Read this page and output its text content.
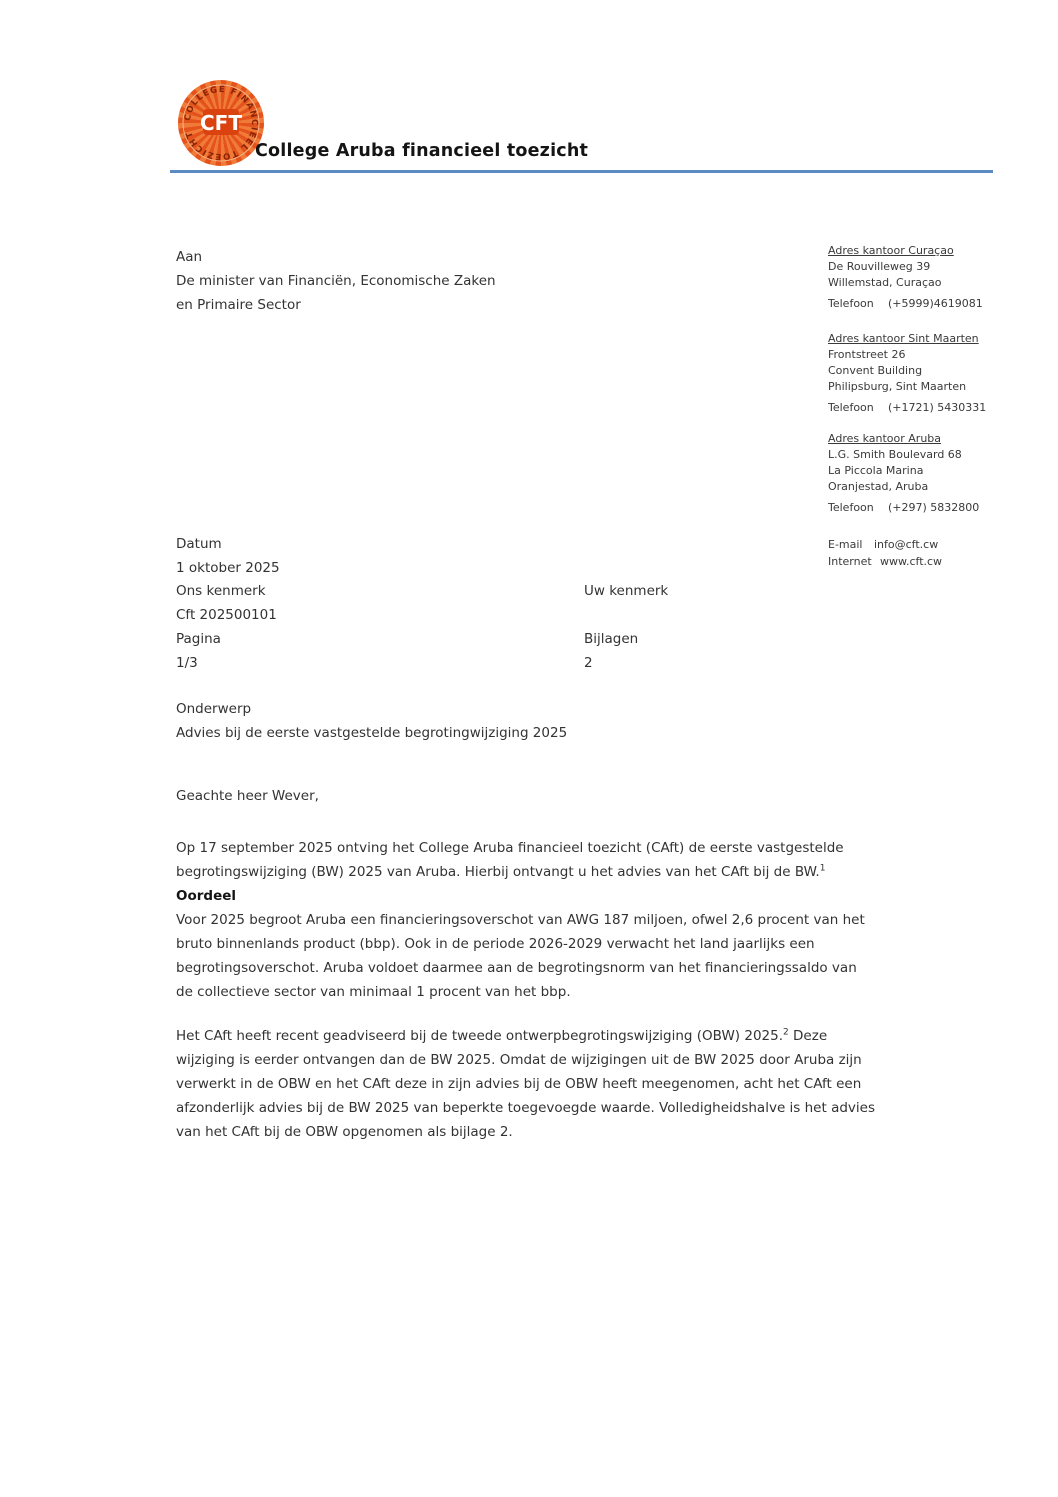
COLLEGE FINANCIEEL TOEZICHT CFT
College Aruba financieel toezicht
Aan
De minister van Financiën, Economische Zaken
en Primaire Sector
Adres kantoor Curaçao
De Rouvilleweg 39
Willemstad, Curaçao
Telefoon (+5999)4619081
Adres kantoor Sint Maarten
Frontstreet 26
Convent Building
Philipsburg, Sint Maarten
Telefoon (+1721) 5430331
Adres kantoor Aruba
L.G. Smith Boulevard 68
La Piccola Marina
Oranjestad, Aruba
Telefoon (+297) 5832800
E-mail info@cft.cw
Internet www.cft.cw
Datum
1 oktober 2025
Ons kenmerk	Uw kenmerk
Cft 202500101
Pagina	Bijlagen
1/3	2
Onderwerp
Advies bij de eerste vastgestelde begrotingwijziging 2025
Geachte heer Wever,

Op 17 september 2025 ontving het College Aruba financieel toezicht (CAft) de eerste vastgestelde begrotingswijziging (BW) 2025 van Aruba. Hierbij ontvangt u het advies van het CAft bij de BW.$^1$

Oordeel

Voor 2025 begroot Aruba een financieringsoverschot van AWG 187 miljoen, ofwel 2,6 procent van het bruto binnenlands product (bbp). Ook in de periode 2026-2029 verwacht het land jaarlijks een begrotingsoverschot. Aruba voldoet daarmee aan de begrotingsnorm van het financieringssaldo van de collectieve sector van minimaal 1 procent van het bbp.

Het CAft heeft recent geadviseerd bij de tweede ontwerpbegrotingswijziging (OBW) 2025.$^2$ Deze wijziging is eerder ontvangen dan de BW 2025. Omdat de wijzigingen uit de BW 2025 door Aruba zijn verwerkt in de OBW en het CAft deze in zijn advies bij de OBW heeft meegenomen, acht het CAft een afzonderlijk advies bij de BW 2025 van beperkte toegevoegde waarde. Volledigheidshalve is het advies van het CAft bij de OBW opgenomen als bijlage 2.
